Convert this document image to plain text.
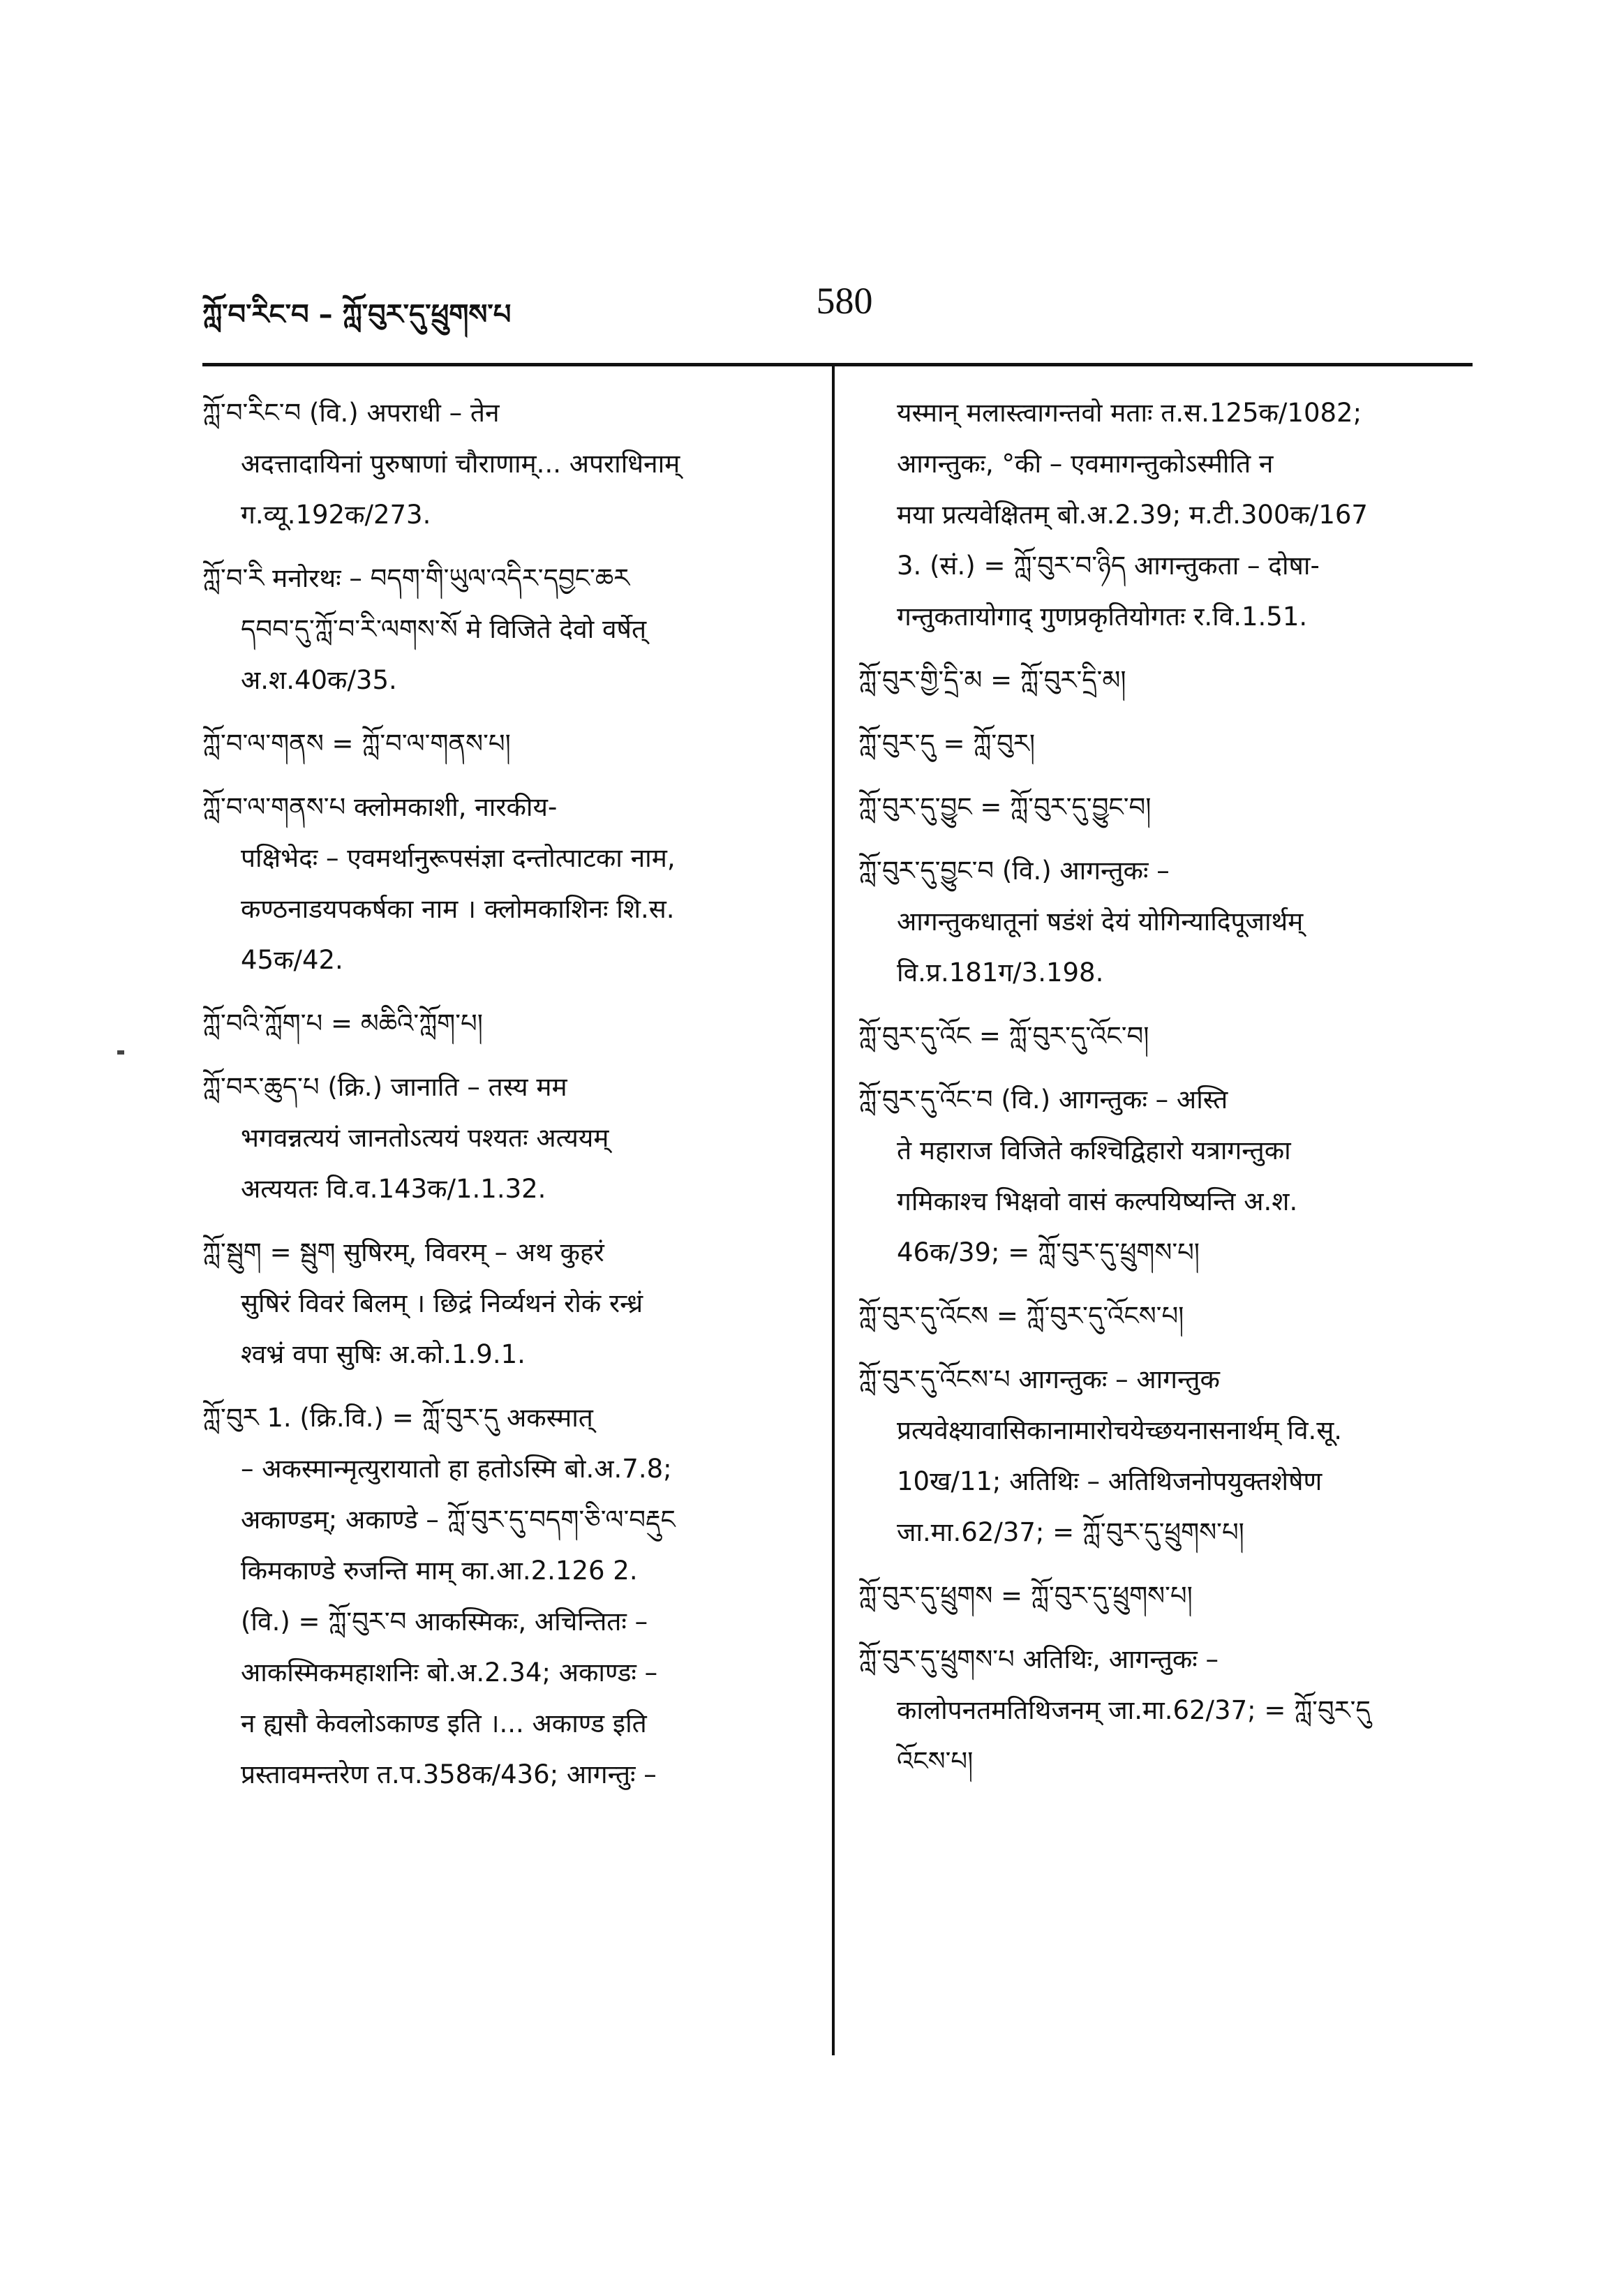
ཀློ་བ་རིང་བ – ཀློ་བུར་དུ་ཕྲུགས་པ	580
ཀློ་བ་རིང་བ (वि.) अपराधी – तेन
अदत्तादायिनां पुरुषाणां चौराणाम्... अपराधिनाम्
ग.व्यू.192क/273.
ཀློ་བ་རི मनोरथः – བདག་གི་ཡུལ་འདིར་དབྱང་ཆར
དབབ་དུ་ཀློ་བ་རི་ལགས་སོ मे विजिते देवो वर्षेत्
अ.श.40क/35.
ཀློ་བ་ལ་གནས = ཀློ་བ་ལ་གནས་པ།
ཀློ་བ་ལ་གནས་པ क्लोमकाशी, नारकीय-
पक्षिभेदः – एवमर्थानुरूपसंज्ञा दन्तोत्पाटका नाम,
कण्ठनाडयपकर्षका नाम । क्लोमकाशिनः शि.स.
45क/42.
ཀློ་བའི་ཀློག་པ = མཆིའི་ཀློག་པ།
ཀློ་བར་ཆུད་པ (क्रि.) जानाति – तस्य मम
भगवन्नत्ययं जानतोऽत्ययं पश्यतः अत्ययम्
अत्ययतः वि.व.143क/1.1.32.
ཀློ་སྦུག = སྦུག सुषिरम्, विवरम् – अथ कुहरं
सुषिरं विवरं बिलम् । छिद्रं निर्व्यथनं रोकं रन्ध्रं
श्वभ्रं वपा सुषिः अ.को.1.9.1.
ཀློ་བུར 1. (क्रि.वि.) = ཀློ་བུར་དུ अकस्मात्
– अकस्मान्मृत्युरायातो हा हतोऽस्मि बो.अ.7.8;
अकाण्डम्; अकाण्डे – ཀློ་བུར་དུ་བདག་ཅི་ལ་བརྡུང
किमकाण्डे रुजन्ति माम् का.आ.2.126 2.
(वि.) = ཀློ་བུར་བ आकस्मिकः, अचिन्तितः –
आकस्मिकमहाशनिः बो.अ.2.34; अकाण्डः –
न ह्यसौ केवलोऽकाण्ड इति ।... अकाण्ड इति
प्रस्तावमन्तरेण त.प.358क/436; आगन्तुः –
यस्मान् मलास्त्वागन्तवो मताः त.स.125क/1082;
आगन्तुकः, °की – एवमागन्तुकोऽस्मीति न
मया प्रत्यवेक्षितम् बो.अ.2.39; म.टी.300क/167
3. (सं.) = ཀློ་བུར་བ་ཉིད आगन्तुकता – दोषा-
गन्तुकतायोगाद् गुणप्रकृतियोगतः र.वि.1.51.
ཀློ་བུར་གྱི་དྲི་མ = ཀློ་བུར་དྲི་མ།
ཀློ་བུར་དུ = ཀློ་བུར།
ཀློ་བུར་དུ་བྱུང = ཀློ་བུར་དུ་བྱུང་བ།
ཀློ་བུར་དུ་བྱུང་བ (वि.) आगन्तुकः –
आगन्तुकधातूनां षडंशं देयं योगिन्यादिपूजार्थम्
वि.प्र.181ग/3.198.
ཀློ་བུར་དུ་འོང = ཀློ་བུར་དུ་འོང་བ།
ཀློ་བུར་དུ་འོང་བ (वि.) आगन्तुकः – अस्ति
ते महाराज विजिते कश्चिद्विहारो यत्रागन्तुका
गमिकाश्च भिक्षवो वासं कल्पयिष्यन्ति अ.श.
46क/39; = ཀློ་བུར་དུ་ཕྲུགས་པ།
ཀློ་བུར་དུ་འོངས = ཀློ་བུར་དུ་འོངས་པ།
ཀློ་བུར་དུ་འོངས་པ आगन्तुकः – आगन्तुक
प्रत्यवेक्ष्यावासिकानामारोचयेच्छयनासनार्थम् वि.सू.
10ख/11; अतिथिः – अतिथिजनोपयुक्तशेषेण
जा.मा.62/37; = ཀློ་བུར་དུ་ཕྲུགས་པ།
ཀློ་བུར་དུ་ཕྲུགས = ཀློ་བུར་དུ་ཕྲུགས་པ།
ཀློ་བུར་དུ་ཕྲུགས་པ अतिथिः, आगन्तुकः –
कालोपनतमतिथिजनम् जा.मा.62/37; = ཀློ་བུར་དུ
འོངས་པ།
